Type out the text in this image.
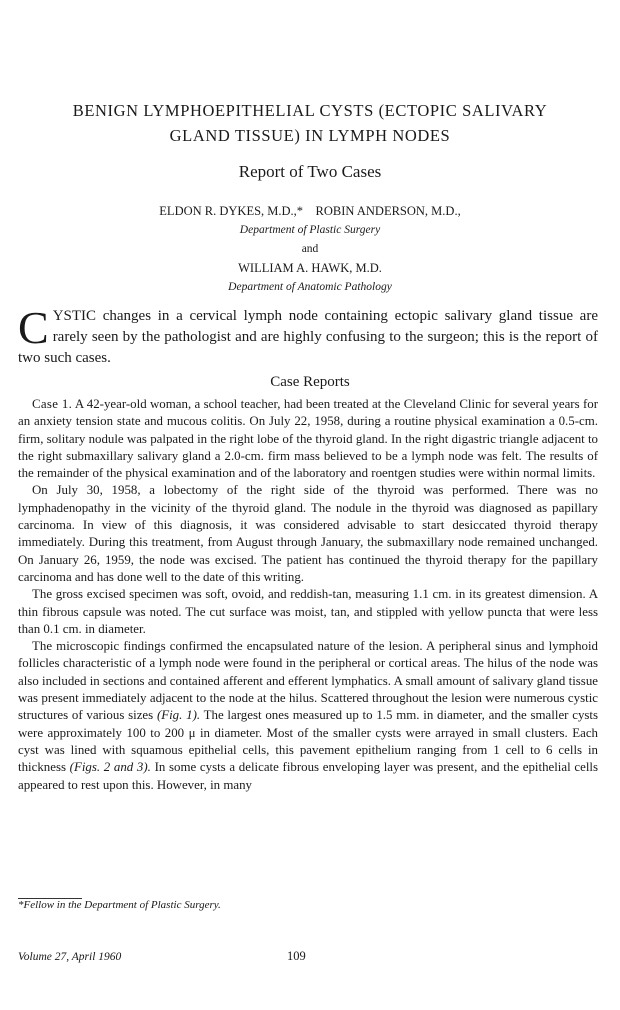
BENIGN LYMPHOEPITHELIAL CYSTS (ECTOPIC SALIVARY
GLAND TISSUE) IN LYMPH NODES
Report of Two Cases
ELDON R. DYKES, M.D.,*    ROBIN ANDERSON, M.D.,
Department of Plastic Surgery
and
WILLIAM A. HAWK, M.D.
Department of Anatomic Pathology
C YSTIC changes in a cervical lymph node containing ectopic salivary gland tissue are rarely seen by the pathologist and are highly confusing to the surgeon; this is the report of two such cases.
Case Reports

Case 1. A 42-year-old woman, a school teacher, had been treated at the Cleveland Clinic for several years for an anxiety tension state and mucous colitis. On July 22, 1958, during a routine physical examination a 0.5-cm. firm, solitary nodule was palpated in the right lobe of the thyroid gland. In the right digastric triangle adjacent to the right submaxillary salivary gland a 2.0-cm. firm mass believed to be a lymph node was felt. The results of the remainder of the physical examination and of the laboratory and roentgen studies were within normal limits.

On July 30, 1958, a lobectomy of the right side of the thyroid was performed. There was no lymphadenopathy in the vicinity of the thyroid gland. The nodule in the thyroid was diagnosed as papillary carcinoma. In view of this diagnosis, it was considered advisable to start desiccated thyroid therapy immediately. During this treatment, from August through January, the submaxillary node remained unchanged. On January 26, 1959, the node was excised. The patient has continued the thyroid therapy for the papillary carcinoma and has done well to the date of this writing.

The gross excised specimen was soft, ovoid, and reddish-tan, measuring 1.1 cm. in its greatest dimension. A thin fibrous capsule was noted. The cut surface was moist, tan, and stippled with yellow puncta that were less than 0.1 cm. in diameter.

The microscopic findings confirmed the encapsulated nature of the lesion. A peripheral sinus and lymphoid follicles characteristic of a lymph node were found in the peripheral or cortical areas. The hilus of the node was also included in sections and contained afferent and efferent lymphatics. A small amount of salivary gland tissue was present immediately adjacent to the node at the hilus. Scattered throughout the lesion were numerous cystic structures of various sizes (Fig. 1). The largest ones measured up to 1.5 mm. in diameter, and the smaller cysts were approximately 100 to 200 μ in diameter. Most of the smaller cysts were arrayed in small clusters. Each cyst was lined with squamous epithelial cells, this pavement epithelium ranging from 1 cell to 6 cells in thickness (Figs. 2 and 3). In some cysts a delicate fibrous enveloping layer was present, and the epithelial cells appeared to rest upon this. However, in many

*Fellow in the Department of Plastic Surgery.
Volume 27, April 1960	109
